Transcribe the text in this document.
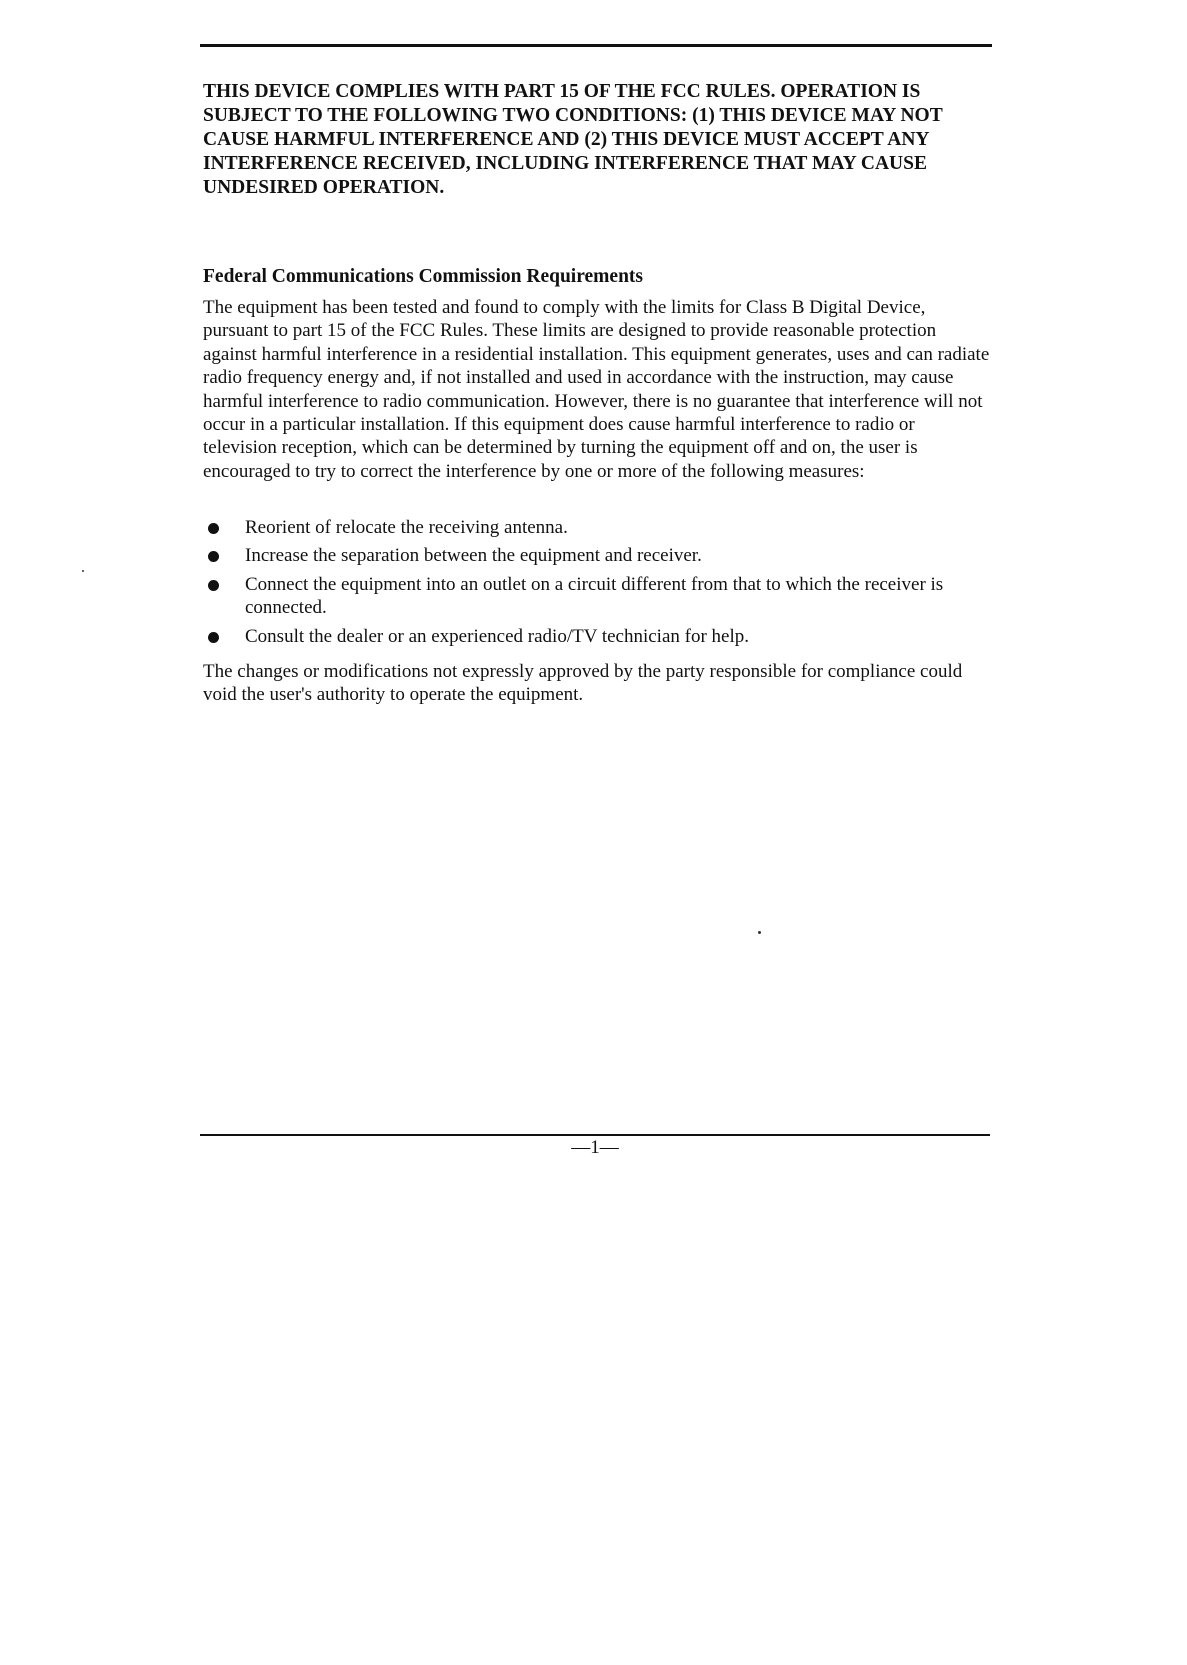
THIS DEVICE COMPLIES WITH PART 15 OF THE FCC RULES. OPERATION IS SUBJECT TO THE FOLLOWING TWO CONDITIONS: (1) THIS DEVICE MAY NOT CAUSE HARMFUL INTERFERENCE AND (2) THIS DEVICE MUST ACCEPT ANY INTERFERENCE RECEIVED, INCLUDING INTERFERENCE THAT MAY CAUSE UNDESIRED OPERATION.

Federal Communications Commission Requirements

The equipment has been tested and found to comply with the limits for Class B Digital Device, pursuant to part 15 of the FCC Rules. These limits are designed to provide reasonable protection against harmful interference in a residential installation. This equipment generates, uses and can radiate radio frequency energy and, if not installed and used in accordance with the instruction, may cause harmful interference to radio communication. However, there is no guarantee that interference will not occur in a particular installation. If this equipment does cause harmful interference to radio or television reception, which can be determined by turning the equipment off and on, the user is encouraged to try to correct the interference by one or more of the following measures:

Reorient of relocate the receiving antenna.
Increase the separation between the equipment and receiver.
Connect the equipment into an outlet on a circuit different from that to which the receiver is connected.
Consult the dealer or an experienced radio/TV technician for help.

The changes or modifications not expressly approved by the party responsible for compliance could void the user's authority to operate the equipment.

—1—
